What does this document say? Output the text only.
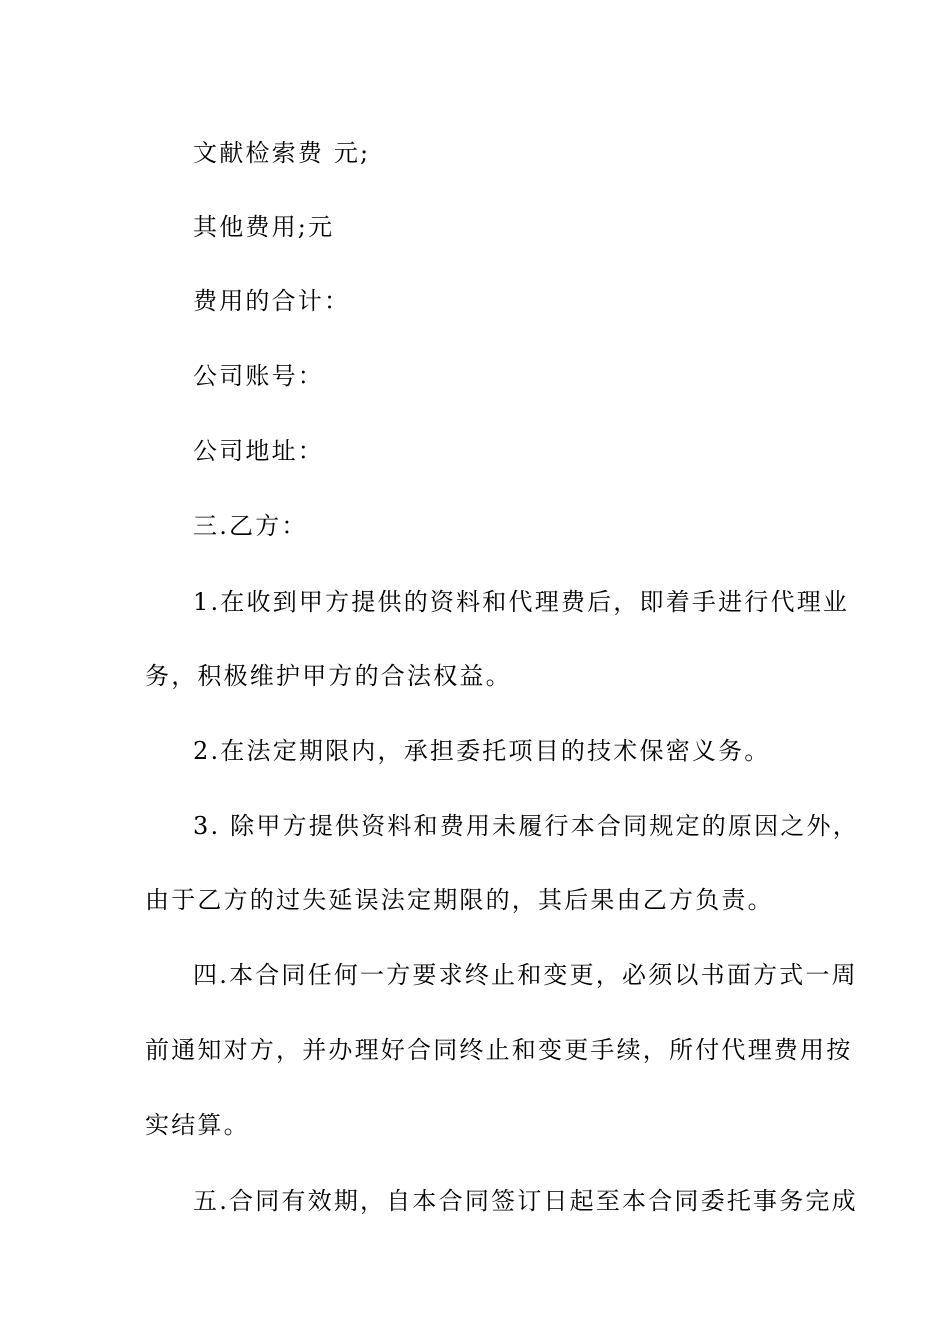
文献检索费 元;
其他费用;元
费用的合计：
公司账号：
公司地址：
三.乙方：
1.在收到甲方提供的资料和代理费后，即着手进行代理业
务，积极维护甲方的合法权益。
2.在法定期限内，承担委托项目的技术保密义务。
3. 除甲方提供资料和费用未履行本合同规定的原因之外，
由于乙方的过失延误法定期限的，其后果由乙方负责。
四.本合同任何一方要求终止和变更，必须以书面方式一周
前通知对方，并办理好合同终止和变更手续，所付代理费用按
实结算。
五.合同有效期，自本合同签订日起至本合同委托事务完成
